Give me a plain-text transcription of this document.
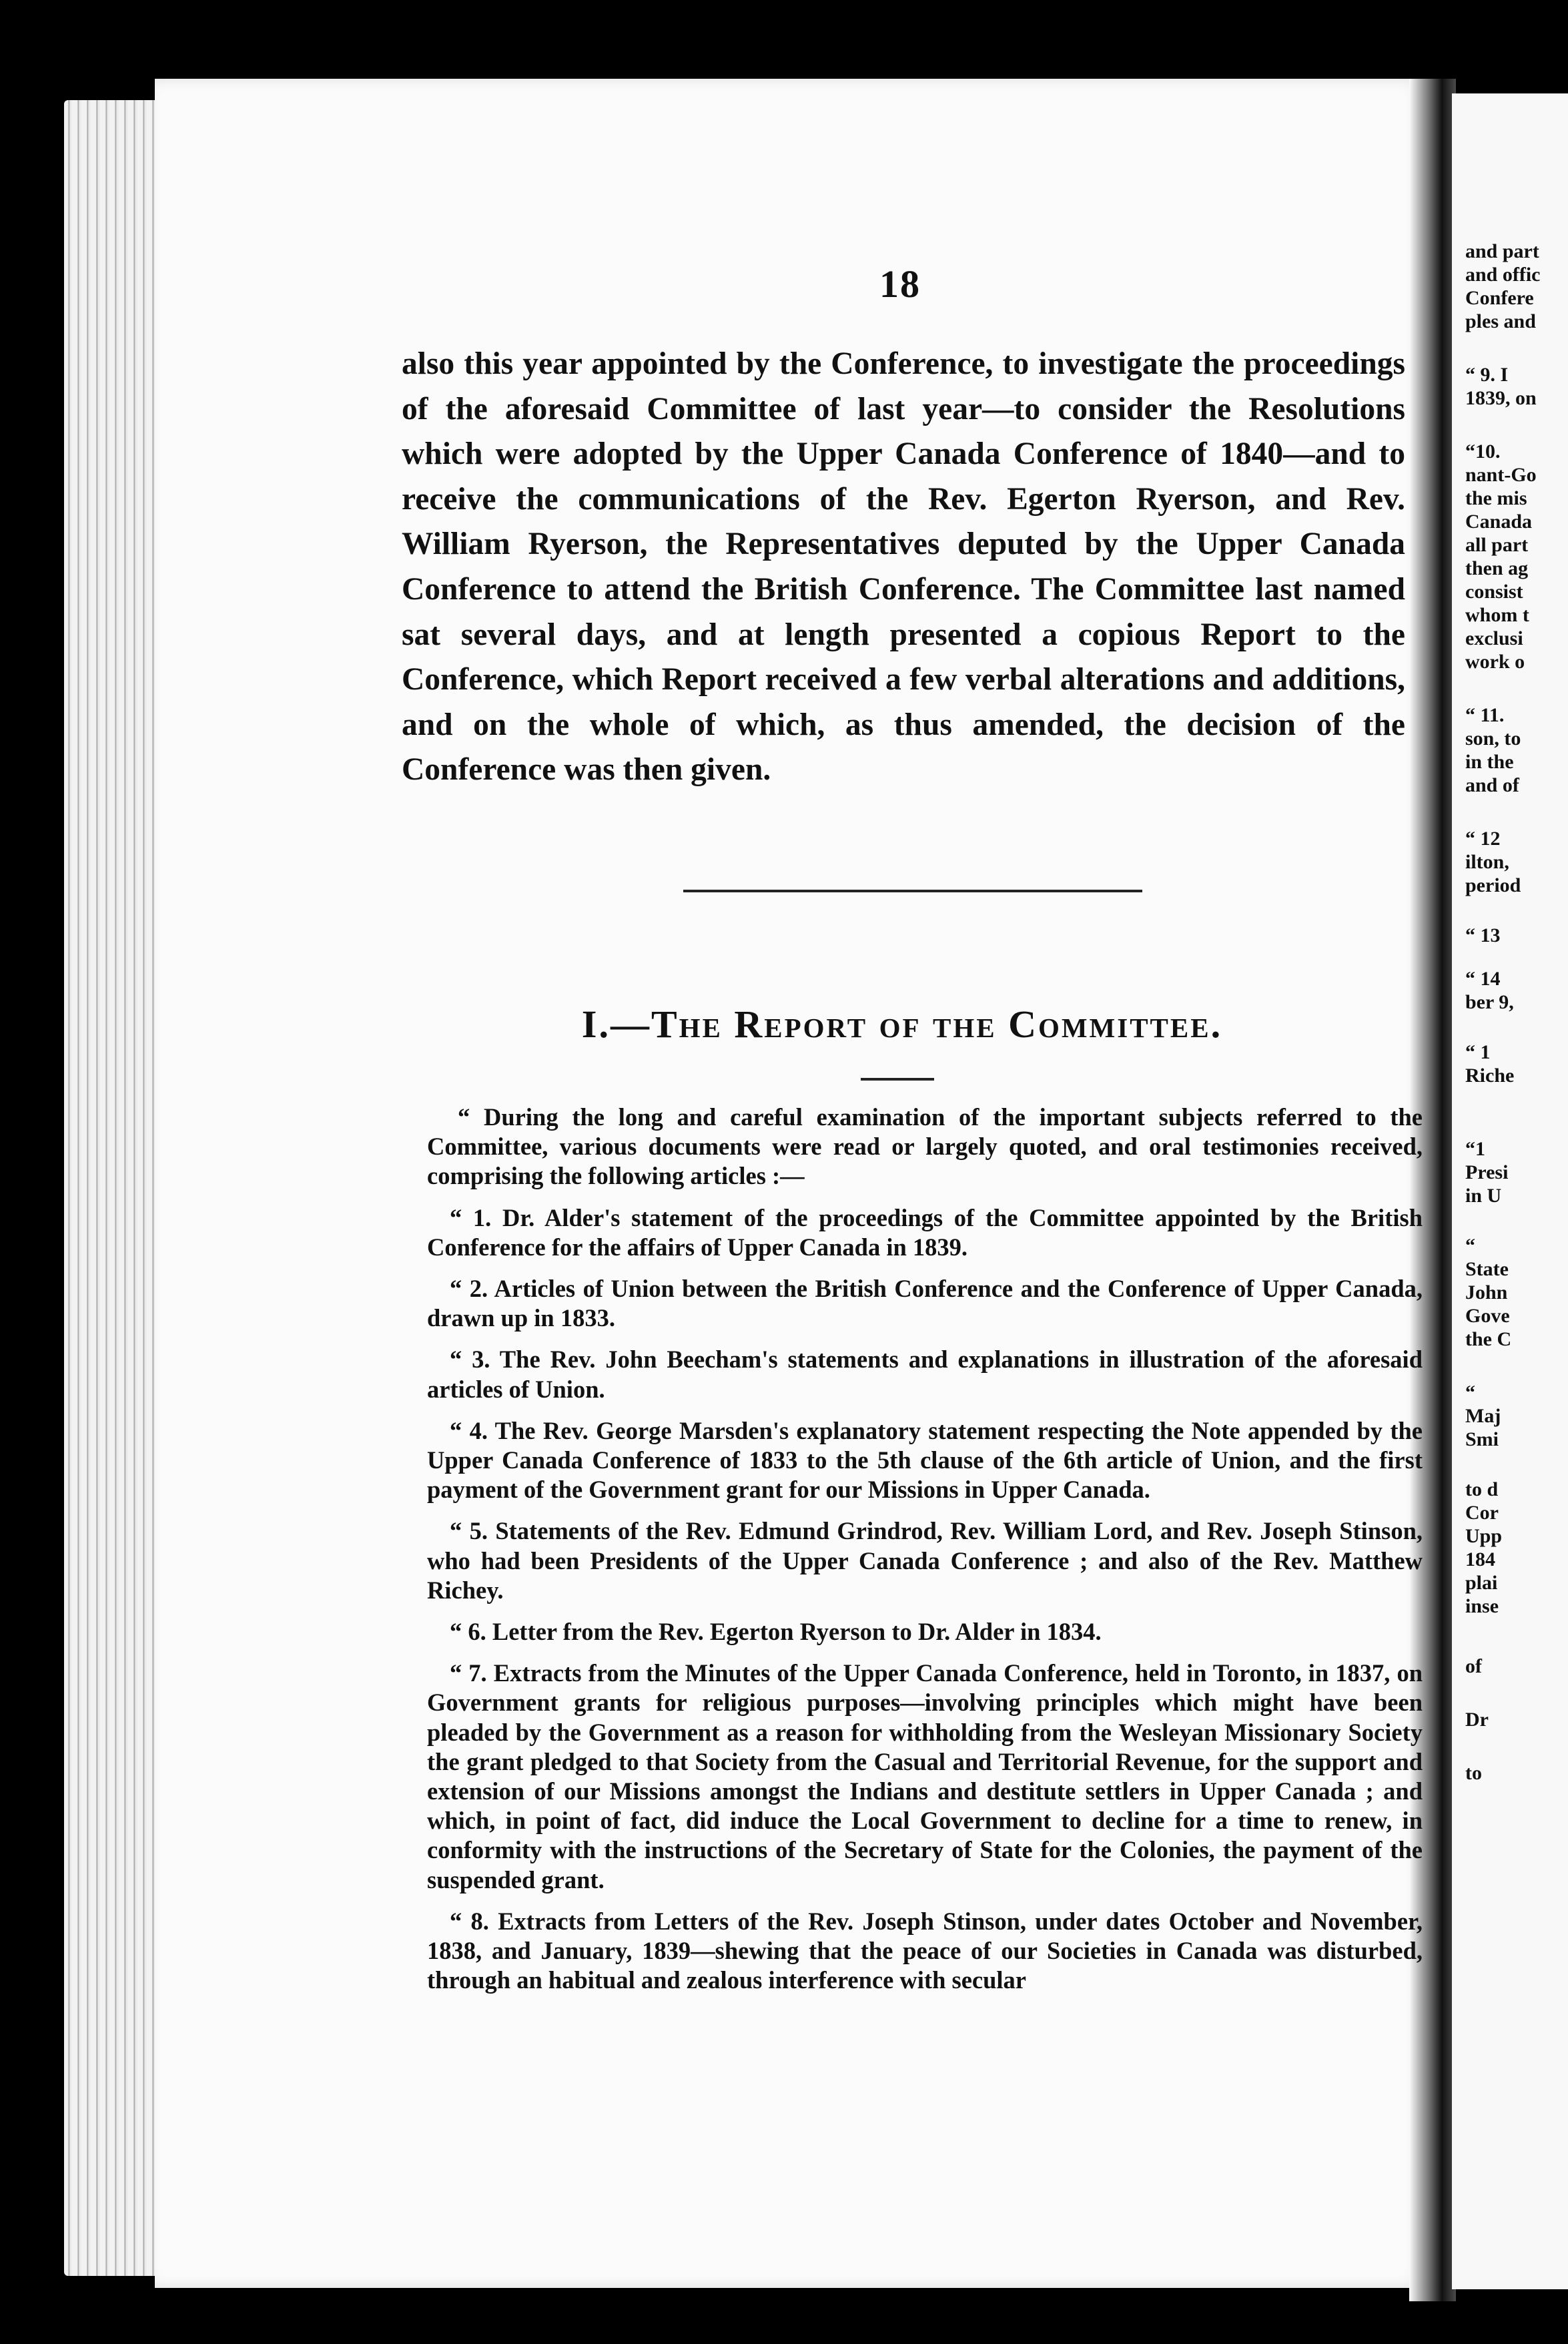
and part
and offic
Confere
ples and
“ 9. I
1839, on
“10.
nant-Go
the mis
Canada
all part
then ag
consist
whom t
exclusi
work o
“ 11.
son, to
in the
and of
“ 12
ilton,
period
“ 13
“ 14
ber 9,
“ 1
Riche
“1
Presi
in U
“
State
John
Gove
the C
“
Maj
Smi
to d
Cor
Upp
184
plai
inse
of
Dr
to
18

also this year appointed by the Conference, to investigate the proceedings of the aforesaid Committee of last year—to consider the Resolutions which were adopted by the Upper Canada Conference of 1840—and to receive the communications of the Rev. Egerton Ryerson, and Rev. William Ryerson, the Representatives deputed by the Upper Canada Conference to attend the British Conference. The Committee last named sat several days, and at length presented a copious Report to the Conference, which Report received a few verbal alterations and additions, and on the whole of which, as thus amended, the decision of the Conference was then given.

I.—The Report of the Committee.

“ During the long and careful examination of the important subjects referred to the Committee, various documents were read or largely quoted, and oral testimonies received, comprising the following articles :—

“ 1. Dr. Alder's statement of the proceedings of the Committee appointed by the British Conference for the affairs of Upper Canada in 1839.

“ 2. Articles of Union between the British Conference and the Conference of Upper Canada, drawn up in 1833.

“ 3. The Rev. John Beecham's statements and explanations in illustration of the aforesaid articles of Union.

“ 4. The Rev. George Marsden's explanatory statement respecting the Note appended by the Upper Canada Conference of 1833 to the 5th clause of the 6th article of Union, and the first payment of the Government grant for our Missions in Upper Canada.

“ 5. Statements of the Rev. Edmund Grindrod, Rev. William Lord, and Rev. Joseph Stinson, who had been Presidents of the Upper Canada Conference ; and also of the Rev. Matthew Richey.

“ 6. Letter from the Rev. Egerton Ryerson to Dr. Alder in 1834.

“ 7. Extracts from the Minutes of the Upper Canada Conference, held in Toronto, in 1837, on Government grants for religious purposes—involving principles which might have been pleaded by the Government as a reason for withholding from the Wesleyan Missionary Society the grant pledged to that Society from the Casual and Territorial Revenue, for the support and extension of our Missions amongst the Indians and destitute settlers in Upper Canada ; and which, in point of fact, did induce the Local Government to decline for a time to renew, in conformity with the instructions of the Secretary of State for the Colonies, the payment of the suspended grant.

“ 8. Extracts from Letters of the Rev. Joseph Stinson, under dates October and November, 1838, and January, 1839—shewing that the peace of our Societies in Canada was disturbed, through an habitual and zealous interference with secular
